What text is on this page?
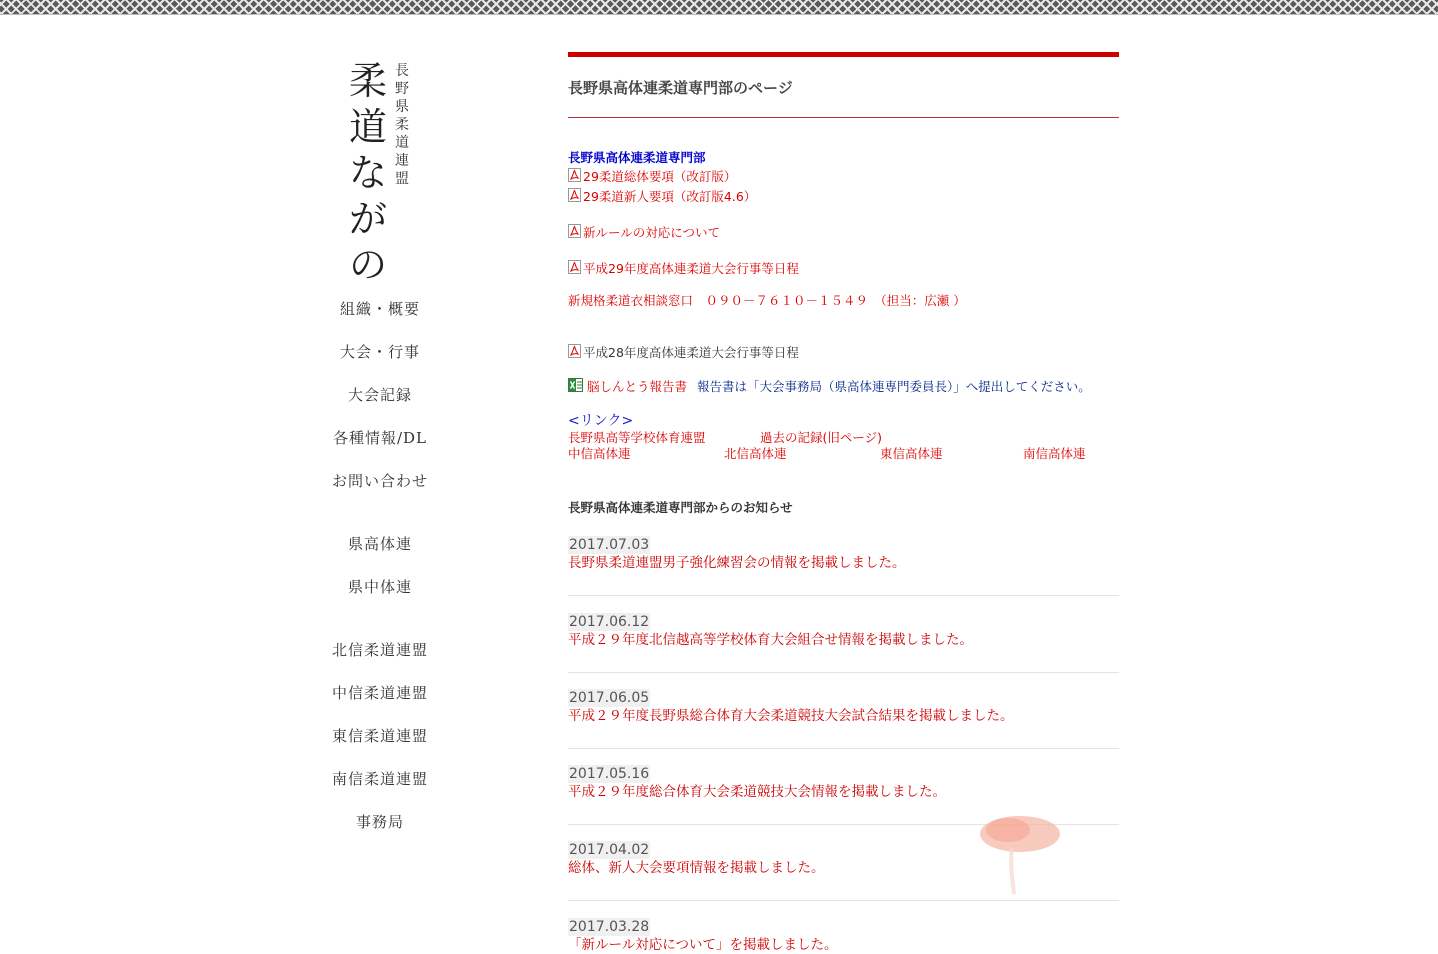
柔道ながの
長野県柔道連盟
組織・概要
大会・行事
大会記録
各種情報/DL
お問い合わせ
県高体連
県中体連
北信柔道連盟
中信柔道連盟
東信柔道連盟
南信柔道連盟
事務局
長野県高体連柔道専門部のページ
長野県高体連柔道専門部
29柔道総体要項（改訂版）
29柔道新人要項（改訂版4.6）
新ルールの対応について
平成29年度高体連柔道大会行事等日程
新規格柔道衣相談窓口　０９０－７６１０－１５４９　（担当：広瀬 ）
平成28年度高体連柔道大会行事等日程
脳しんとう報告書 報告書は「大会事務局（県高体連専門委員長）」へ提出してください。
<リンク>
長野県高等学校体育連盟	過去の記録(旧ページ)
中信高体連	北信高体連	東信高体連	南信高体連
長野県高体連柔道専門部からのお知らせ
2017.07.03
長野県柔道連盟男子強化練習会の情報を掲載しました。
2017.06.12
平成２９年度北信越高等学校体育大会組合せ情報を掲載しました。
2017.06.05
平成２９年度長野県総合体育大会柔道競技大会試合結果を掲載しました。
2017.05.16
平成２９年度総合体育大会柔道競技大会情報を掲載しました。
2017.04.02
総体、新人大会要項情報を掲載しました。
2017.03.28
「新ルール対応について」を掲載しました。
